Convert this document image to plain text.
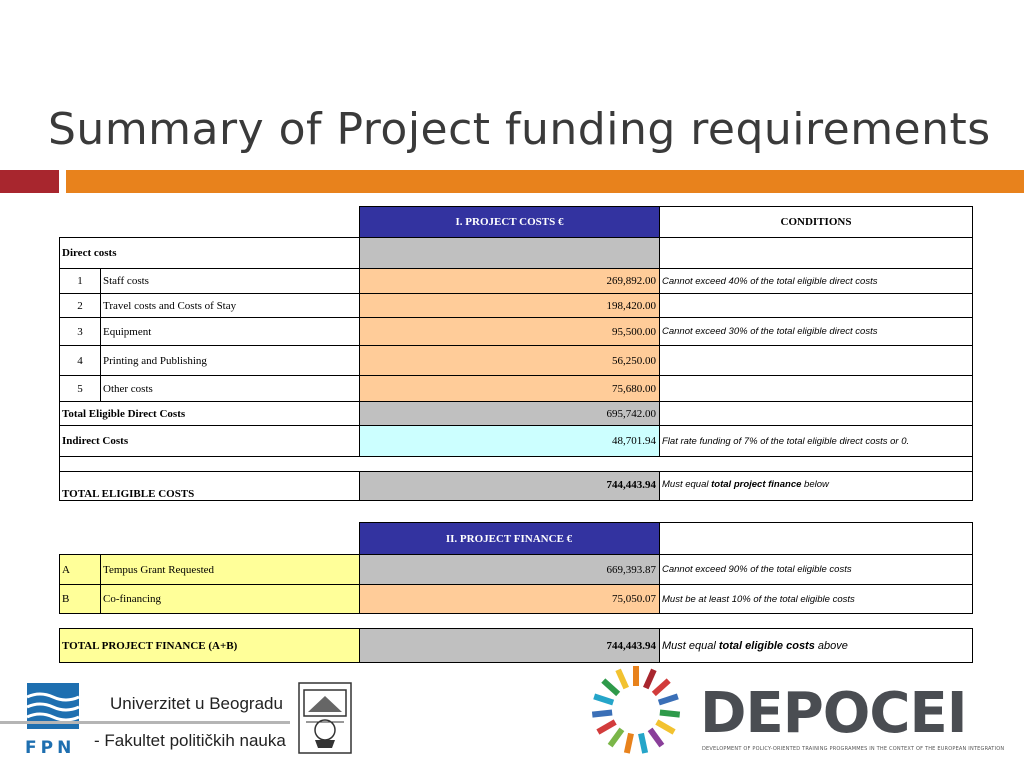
Summary of Project funding requirements
		I. PROJECT COSTS €	CONDITIONS
Direct costs			
1	Staff costs	269,892.00	Cannot exceed 40% of the total eligible direct costs
2	Travel costs and Costs of Stay	198,420.00	
3	Equipment	95,500.00	Cannot exceed 30% of the total eligible direct costs
4	Printing and Publishing	56,250.00	
5	Other costs	75,680.00	
Total Eligible Direct Costs		695,742.00	
Indirect Costs		48,701.94	Flat rate funding of 7% of the total eligible direct costs or 0.

TOTAL ELIGIBLE COSTS		744,443.94	Must equal total project finance below

		II. PROJECT FINANCE €	
A	Tempus Grant Requested	669,393.87	Cannot exceed 90% of the total eligible costs
B	Co-financing	75,050.07	Must be at least 10% of the total eligible costs

TOTAL PROJECT FINANCE (A+B)		744,443.94	Must equal total eligible costs above
FPN
Univerzitet u Beogradu
- Fakultet političkih nauka	DEPOCEI
DEVELOPMENT OF POLICY-ORIENTED TRAINING PROGRAMMES IN THE CONTEXT OF THE EUROPEAN INTEGRATION
